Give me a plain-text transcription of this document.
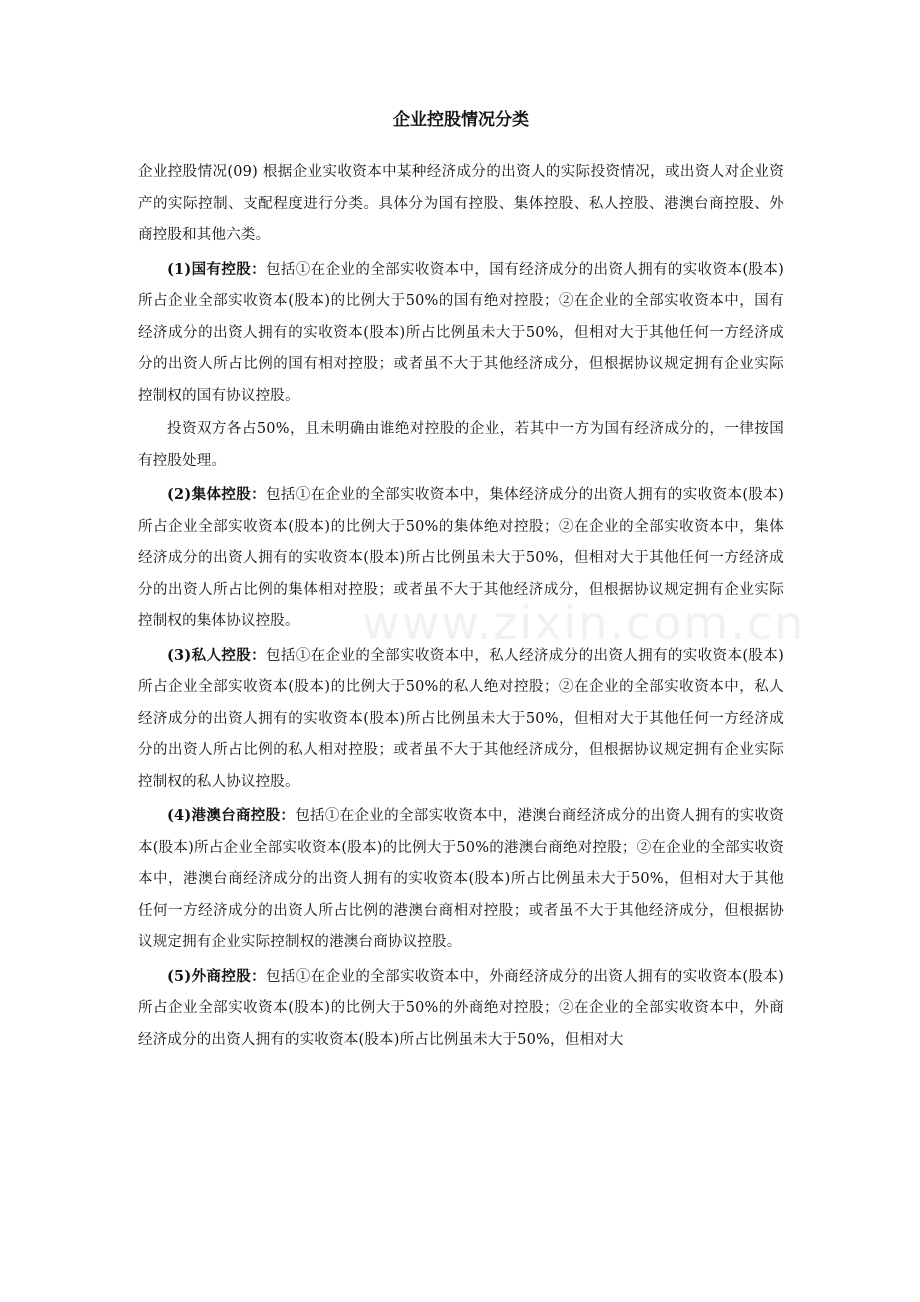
www.zixin.com.cn
企业控股情况分类

企业控股情况(09) 根据企业实收资本中某种经济成分的出资人的实际投资情况，或出资人对企业资产的实际控制、支配程度进行分类。具体分为国有控股、集体控股、私人控股、港澳台商控股、外商控股和其他六类。

(1)国有控股：包括①在企业的全部实收资本中，国有经济成分的出资人拥有的实收资本(股本)所占企业全部实收资本(股本)的比例大于50%的国有绝对控股；②在企业的全部实收资本中，国有经济成分的出资人拥有的实收资本(股本)所占比例虽未大于50%，但相对大于其他任何一方经济成分的出资人所占比例的国有相对控股；或者虽不大于其他经济成分，但根据协议规定拥有企业实际控制权的国有协议控股。

投资双方各占50%，且未明确由谁绝对控股的企业，若其中一方为国有经济成分的，一律按国有控股处理。

(2)集体控股：包括①在企业的全部实收资本中，集体经济成分的出资人拥有的实收资本(股本)所占企业全部实收资本(股本)的比例大于50%的集体绝对控股；②在企业的全部实收资本中，集体经济成分的出资人拥有的实收资本(股本)所占比例虽未大于50%，但相对大于其他任何一方经济成分的出资人所占比例的集体相对控股；或者虽不大于其他经济成分，但根据协议规定拥有企业实际控制权的集体协议控股。

(3)私人控股：包括①在企业的全部实收资本中，私人经济成分的出资人拥有的实收资本(股本)所占企业全部实收资本(股本)的比例大于50%的私人绝对控股；②在企业的全部实收资本中，私人经济成分的出资人拥有的实收资本(股本)所占比例虽未大于50%，但相对大于其他任何一方经济成分的出资人所占比例的私人相对控股；或者虽不大于其他经济成分，但根据协议规定拥有企业实际控制权的私人协议控股。

(4)港澳台商控股：包括①在企业的全部实收资本中，港澳台商经济成分的出资人拥有的实收资本(股本)所占企业全部实收资本(股本)的比例大于50%的港澳台商绝对控股；②在企业的全部实收资本中，港澳台商经济成分的出资人拥有的实收资本(股本)所占比例虽未大于50%，但相对大于其他任何一方经济成分的出资人所占比例的港澳台商相对控股；或者虽不大于其他经济成分，但根据协议规定拥有企业实际控制权的港澳台商协议控股。

(5)外商控股：包括①在企业的全部实收资本中，外商经济成分的出资人拥有的实收资本(股本)所占企业全部实收资本(股本)的比例大于50%的外商绝对控股；②在企业的全部实收资本中，外商经济成分的出资人拥有的实收资本(股本)所占比例虽未大于50%，但相对大
